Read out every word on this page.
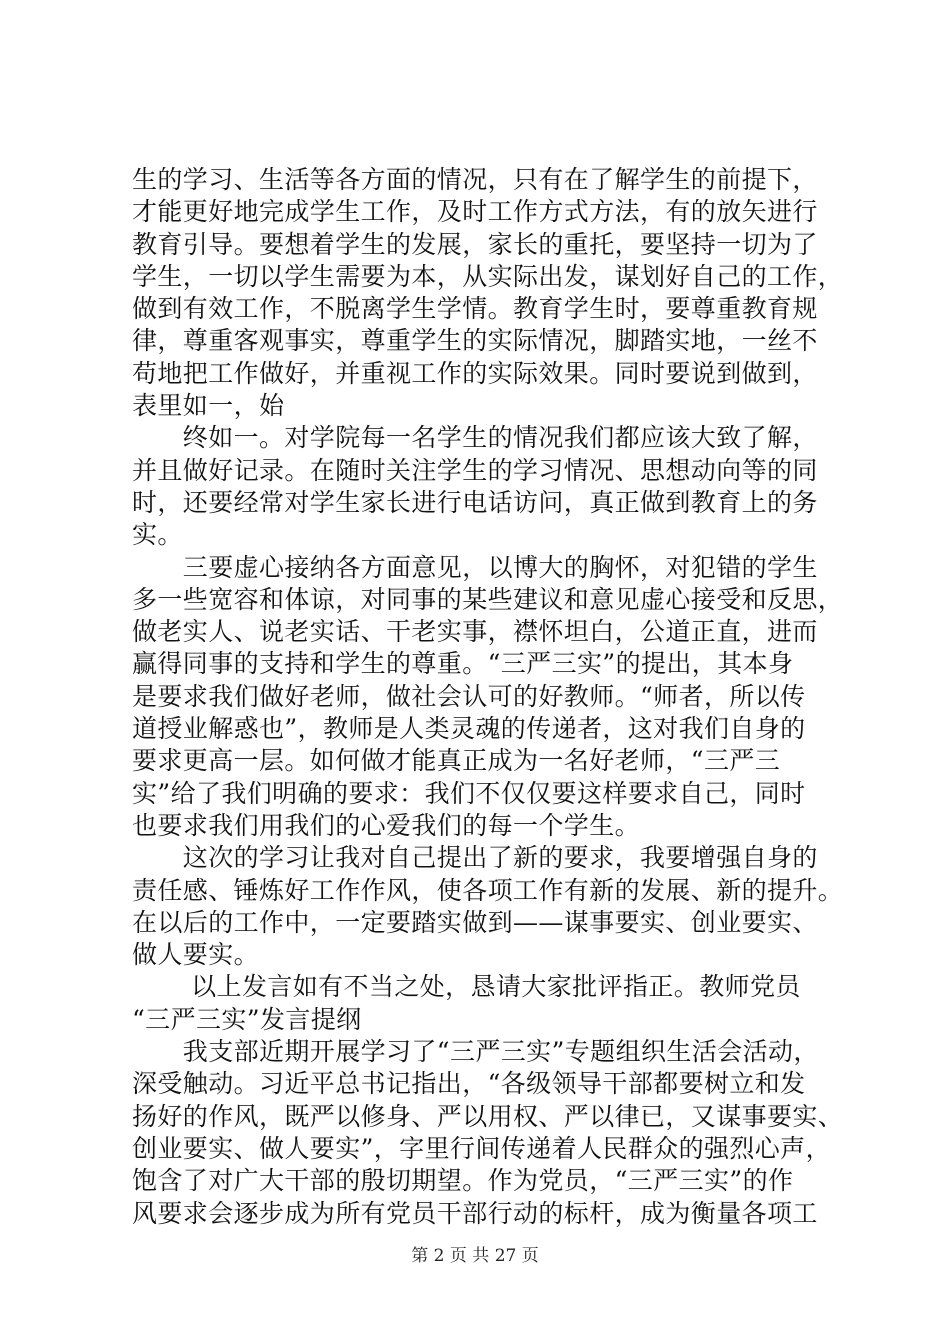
生的学习、生活等各方面的情况，只有在了解学生的前提下，
才能更好地完成学生工作，及时工作方式方法，有的放矢进行
教育引导。要想着学生的发展，家长的重托，要坚持一切为了
学生，一切以学生需要为本，从实际出发，谋划好自己的工作，
做到有效工作，不脱离学生学情。教育学生时，要尊重教育规
律，尊重客观事实，尊重学生的实际情况，脚踏实地，一丝不
苟地把工作做好，并重视工作的实际效果。同时要说到做到，
表里如一，始
　　终如一。对学院每一名学生的情况我们都应该大致了解，
并且做好记录。在随时关注学生的学习情况、思想动向等的同
时，还要经常对学生家长进行电话访问，真正做到教育上的务
实。
　　三要虚心接纳各方面意见，以博大的胸怀，对犯错的学生
多一些宽容和体谅，对同事的某些建议和意见虚心接受和反思，
做老实人、说老实话、干老实事，襟怀坦白，公道正直，进而
赢得同事的支持和学生的尊重。“三严三实”的提出，其本身
是要求我们做好老师，做社会认可的好教师。“师者，所以传
道授业解惑也”，教师是人类灵魂的传递者，这对我们自身的
要求更高一层。如何做才能真正成为一名好老师，“三严三
实”给了我们明确的要求：我们不仅仅要这样要求自己，同时
也要求我们用我们的心爱我们的每一个学生。
　　这次的学习让我对自己提出了新的要求，我要增强自身的
责任感、锤炼好工作作风，使各项工作有新的发展、新的提升。
在以后的工作中，一定要踏实做到——谋事要实、创业要实、
做人要实。
　　 以上发言如有不当之处，恳请大家批评指正。教师党员
“三严三实”发言提纲
　　我支部近期开展学习了“三严三实”专题组织生活会活动，
深受触动。习近平总书记指出，“各级领导干部都要树立和发
扬好的作风，既严以修身、严以用权、严以律已，又谋事要实、
创业要实、做人要实”，字里行间传递着人民群众的强烈心声，
饱含了对广大干部的殷切期望。作为党员，“三严三实”的作
风要求会逐步成为所有党员干部行动的标杆，成为衡量各项工
第 2 页 共 27 页
